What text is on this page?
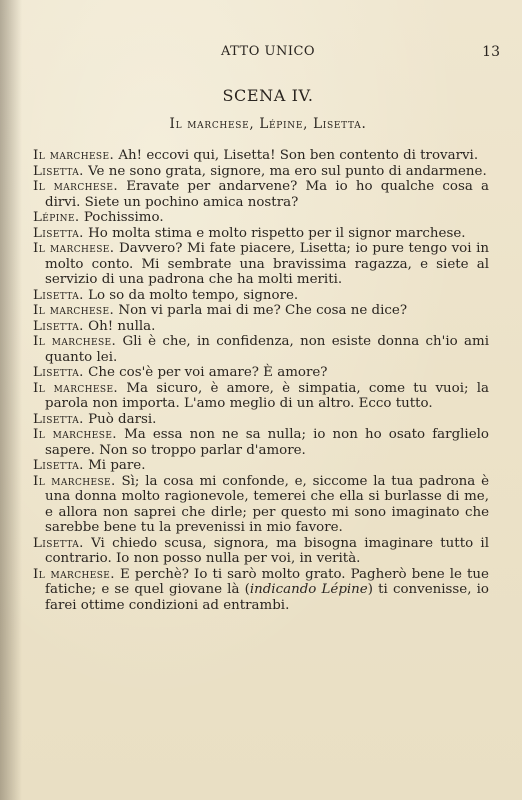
ATTO UNICO	13
SCENA IV.
Il marchese, Lépine, Lisetta.

Il marchese. Ah! eccovi qui, Lisetta! Son ben contento di trovarvi.

Lisetta. Ve ne sono grata, signore, ma ero sul punto di andarmene.

Il marchese. Eravate per andarvene? Ma io ho qualche cosa a dirvi. Siete un pochino amica nostra?

Lépine. Pochissimo.

Lisetta. Ho molta stima e molto rispetto per il signor marchese.

Il marchese. Davvero? Mi fate piacere, Lisetta; io pure tengo voi in molto conto. Mi sembrate una bravissima ragazza, e siete al servizio di una padrona che ha molti meriti.

Lisetta. Lo so da molto tempo, signore.

Il marchese. Non vi parla mai di me? Che cosa ne dice?

Lisetta. Oh! nulla.

Il marchese. Gli è che, in confidenza, non esiste donna ch'io ami quanto lei.

Lisetta. Che cos'è per voi amare? È amore?

Il marchese. Ma sicuro, è amore, è simpatia, come tu vuoi; la parola non importa. L'amo meglio di un altro. Ecco tutto.

Lisetta. Può darsi.

Il marchese. Ma essa non ne sa nulla; io non ho osato farglielo sapere. Non so troppo parlar d'amore.

Lisetta. Mi pare.

Il marchese. Sì; la cosa mi confonde, e, siccome la tua padrona è una donna molto ragionevole, temerei che ella si burlasse di me, e allora non saprei che dirle; per questo mi sono imaginato che sarebbe bene tu la prevenissi in mio favore.

Lisetta. Vi chiedo scusa, signora, ma bisogna imaginare tutto il contrario. Io non posso nulla per voi, in verità.

Il marchese. E perchè? Io ti sarò molto grato. Pagherò bene le tue fatiche; e se quel giovane là (indicando Lépine) ti convenisse, io farei ottime condizioni ad entrambi.
